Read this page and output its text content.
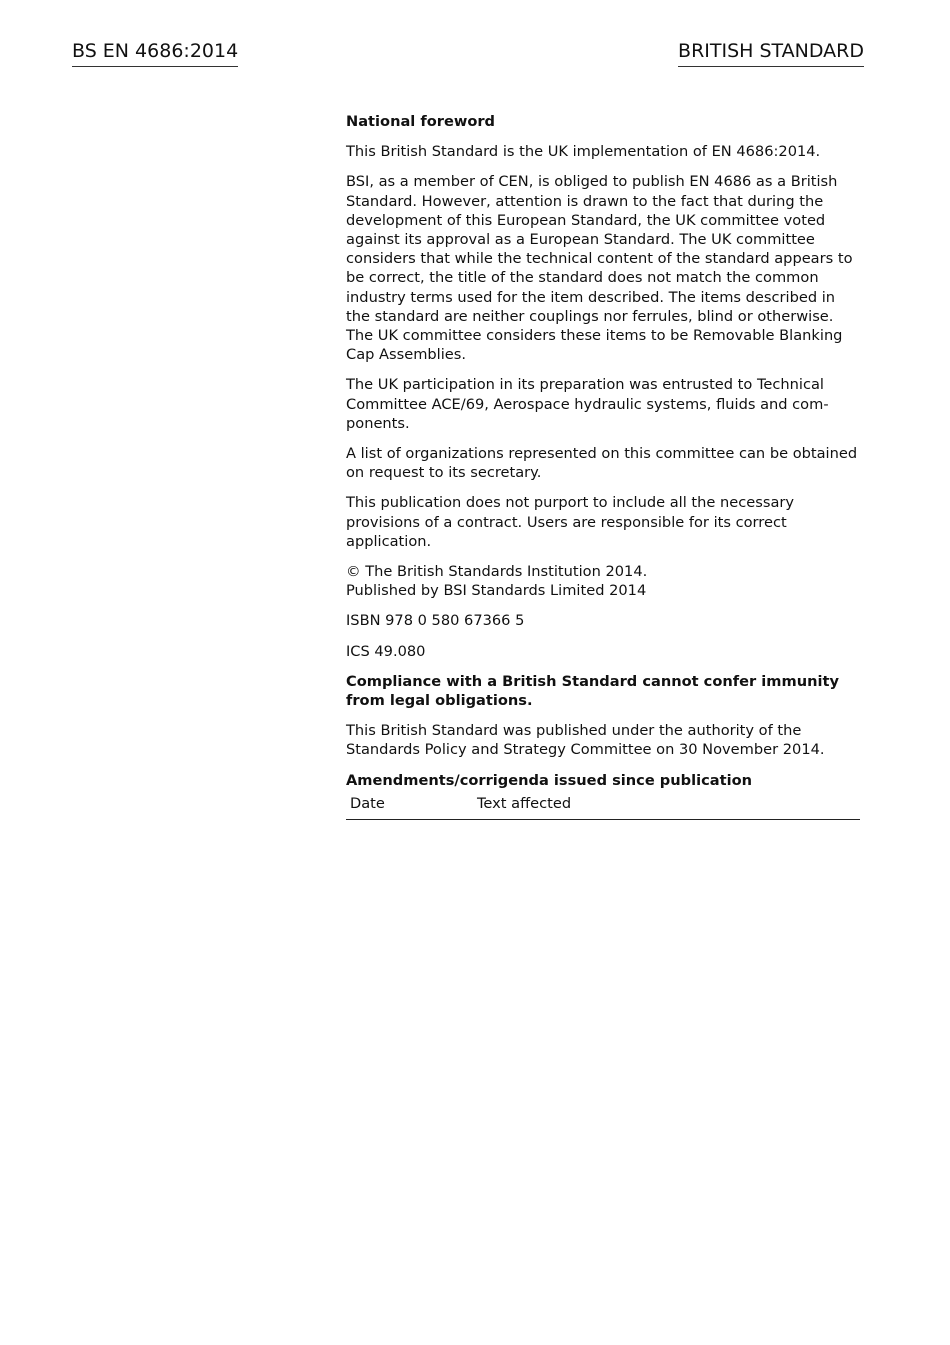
BS EN 4686:2014	BRITISH STANDARD

National foreword

This British Standard is the UK implementation of EN 4686:2014.

BSI, as a member of CEN, is obliged to publish EN 4686 as a British Standard. However, attention is drawn to the fact that during the development of this European Standard, the UK committee voted against its approval as a European Standard. The UK committee considers that while the technical content of the standard appears to be correct, the title of the standard does not match the common industry terms used for the item described. The items described in the standard are neither couplings nor ferrules, blind or otherwise. The UK committee considers these items to be Removable Blanking Cap Assemblies.

The UK participation in its preparation was entrusted to Technical Committee ACE/69, Aerospace hydraulic systems, fluids and com-ponents.

A list of organizations represented on this committee can be obtained on request to its secretary.

This publication does not purport to include all the necessary provisions of a contract. Users are responsible for its correct application.

© The British Standards Institution 2014.
Published by BSI Standards Limited 2014

ISBN 978 0 580 67366 5

ICS 49.080

Compliance with a British Standard cannot confer immunity from legal obligations.

This British Standard was published under the authority of the Standards Policy and Strategy Committee on 30 November 2014.

Amendments/corrigenda issued since publication

Date	Text affected
